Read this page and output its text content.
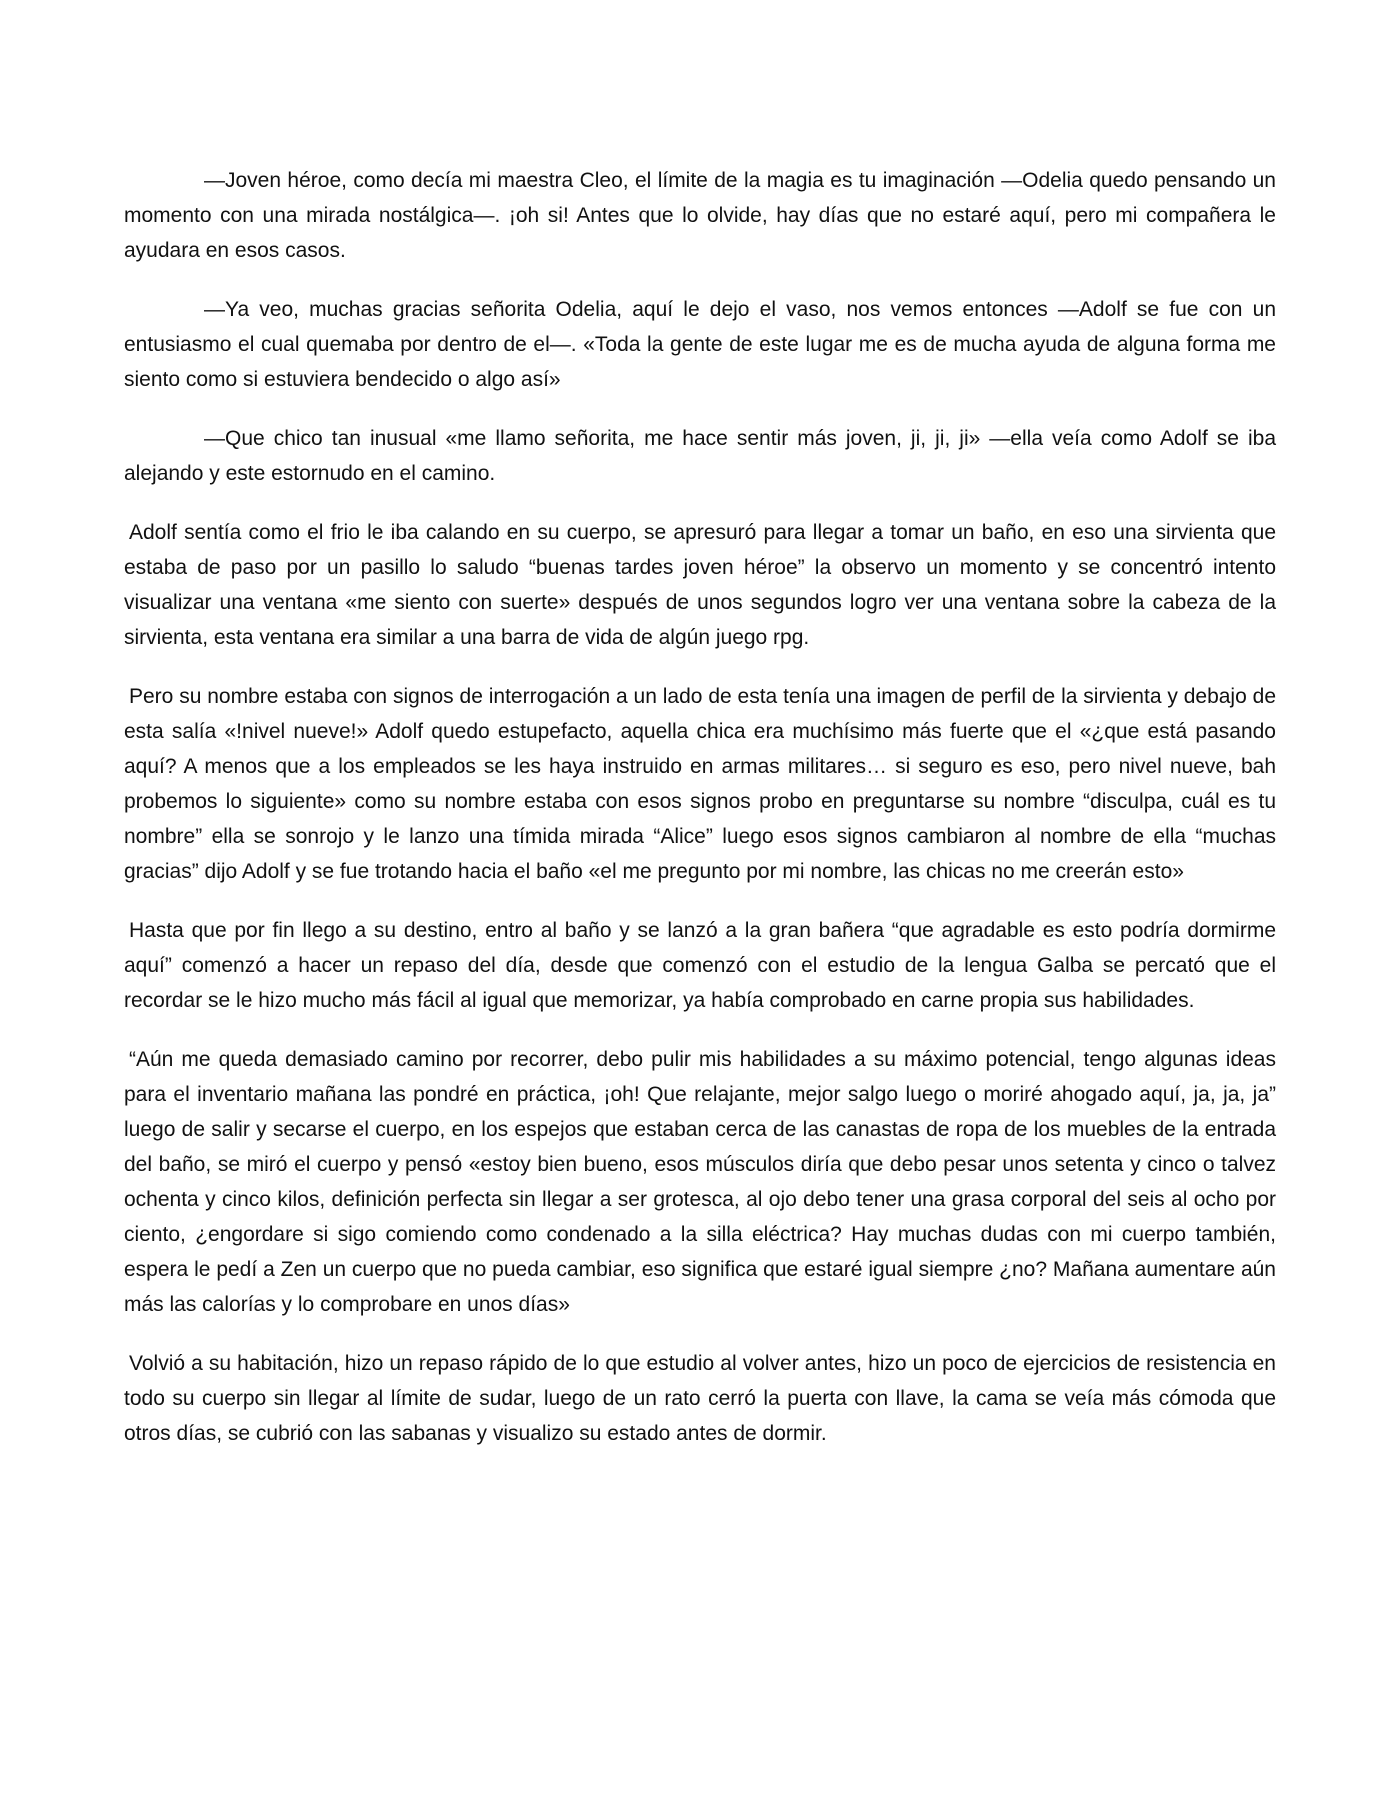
—Joven héroe, como decía mi maestra Cleo, el límite de la magia es tu imaginación —Odelia quedo pensando un momento con una mirada nostálgica—. ¡oh si! Antes que lo olvide, hay días que no estaré aquí, pero mi compañera le ayudara en esos casos.

—Ya veo, muchas gracias señorita Odelia, aquí le dejo el vaso, nos vemos entonces —Adolf se fue con un entusiasmo el cual quemaba por dentro de el—. «Toda la gente de este lugar me es de mucha ayuda de alguna forma me siento como si estuviera bendecido o algo así»

—Que chico tan inusual «me llamo señorita, me hace sentir más joven, ji, ji, ji» —ella veía como Adolf se iba alejando y este estornudo en el camino.

Adolf sentía como el frio le iba calando en su cuerpo, se apresuró para llegar a tomar un baño, en eso una sirvienta que estaba de paso por un pasillo lo saludo “buenas tardes joven héroe” la observo un momento y se concentró intento visualizar una ventana «me siento con suerte» después de unos segundos logro ver una ventana sobre la cabeza de la sirvienta, esta ventana era similar a una barra de vida de algún juego rpg.

Pero su nombre estaba con signos de interrogación a un lado de esta tenía una imagen de perfil de la sirvienta y debajo de esta salía «!nivel nueve!» Adolf quedo estupefacto, aquella chica era muchísimo más fuerte que el «¿que está pasando aquí? A menos que a los empleados se les haya instruido en armas militares… si seguro es eso, pero nivel nueve, bah probemos lo siguiente» como su nombre estaba con esos signos probo en preguntarse su nombre “disculpa, cuál es tu nombre” ella se sonrojo y le lanzo una tímida mirada “Alice” luego esos signos cambiaron al nombre de ella “muchas gracias” dijo Adolf y se fue trotando hacia el baño «el me pregunto por mi nombre, las chicas no me creerán esto»

Hasta que por fin llego a su destino, entro al baño y se lanzó a la gran bañera “que agradable es esto podría dormirme aquí” comenzó a hacer un repaso del día, desde que comenzó con el estudio de la lengua Galba se percató que el recordar se le hizo mucho más fácil al igual que memorizar, ya había comprobado en carne propia sus habilidades.

“Aún me queda demasiado camino por recorrer, debo pulir mis habilidades a su máximo potencial, tengo algunas ideas para el inventario mañana las pondré en práctica, ¡oh! Que relajante, mejor salgo luego o moriré ahogado aquí, ja, ja, ja” luego de salir y secarse el cuerpo, en los espejos que estaban cerca de las canastas de ropa de los muebles de la entrada del baño, se miró el cuerpo y pensó «estoy bien bueno, esos músculos diría que debo pesar unos setenta y cinco o talvez ochenta y cinco kilos, definición perfecta sin llegar a ser grotesca, al ojo debo tener una grasa corporal del seis al ocho por ciento, ¿engordare si sigo comiendo como condenado a la silla eléctrica? Hay muchas dudas con mi cuerpo también, espera le pedí a Zen un cuerpo que no pueda cambiar, eso significa que estaré igual siempre ¿no? Mañana aumentare aún más las calorías y lo comprobare en unos días»

Volvió a su habitación, hizo un repaso rápido de lo que estudio al volver antes, hizo un poco de ejercicios de resistencia en todo su cuerpo sin llegar al límite de sudar, luego de un rato cerró la puerta con llave, la cama se veía más cómoda que otros días, se cubrió con las sabanas y visualizo su estado antes de dormir.
